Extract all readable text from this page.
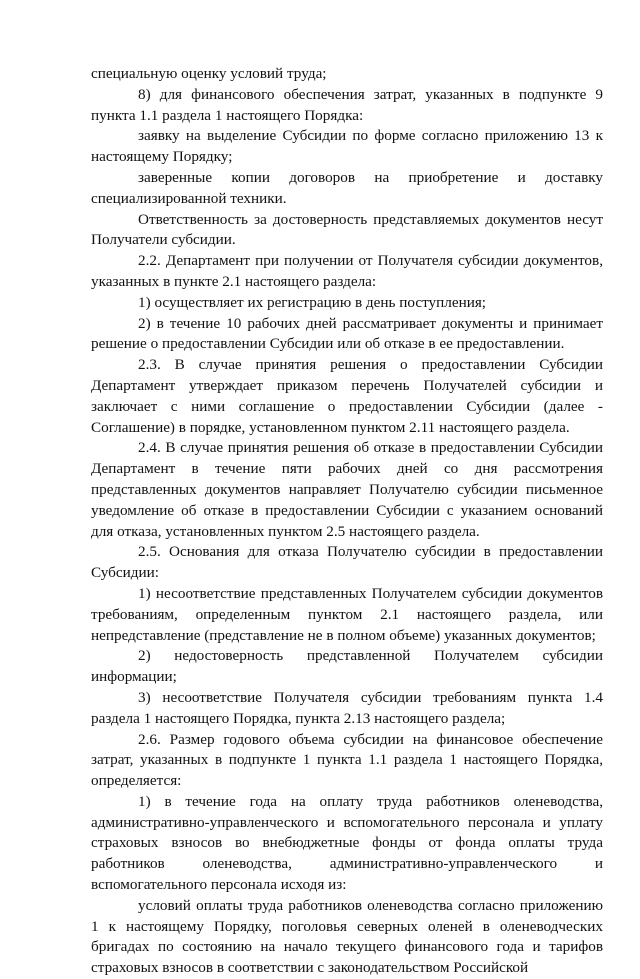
специальную оценку условий труда;

8) для финансового обеспечения затрат, указанных в подпункте 9 пункта 1.1 раздела 1 настоящего Порядка:

заявку на выделение Субсидии по форме согласно приложению 13 к настоящему Порядку;

заверенные копии договоров на приобретение и доставку специализированной техники.

Ответственность за достоверность представляемых документов несут Получатели субсидии.

2.2. Департамент при получении от Получателя субсидии документов, указанных в пункте 2.1 настоящего раздела:

1) осуществляет их регистрацию в день поступления;

2) в течение 10 рабочих дней рассматривает документы и принимает решение о предоставлении Субсидии или об отказе в ее предоставлении.

2.3. В случае принятия решения о предоставлении Субсидии Департамент утверждает приказом перечень Получателей субсидии и заключает с ними соглашение о предоставлении Субсидии (далее - Соглашение) в порядке, установленном пунктом 2.11 настоящего раздела.

2.4. В случае принятия решения об отказе в предоставлении Субсидии Департамент в течение пяти рабочих дней со дня рассмотрения представленных документов направляет Получателю субсидии письменное уведомление об отказе в предоставлении Субсидии с указанием оснований для отказа, установленных пунктом 2.5 настоящего раздела.

2.5. Основания для отказа Получателю субсидии в предоставлении Субсидии:

1) несоответствие представленных Получателем субсидии документов требованиям, определенным пунктом 2.1 настоящего раздела, или непредставление (представление не в полном объеме) указанных документов;

2) недостоверность представленной Получателем субсидии информации;

3) несоответствие Получателя субсидии требованиям пункта 1.4 раздела 1 настоящего Порядка, пункта 2.13 настоящего раздела;

2.6. Размер годового объема субсидии на финансовое обеспечение затрат, указанных в подпункте 1 пункта 1.1 раздела 1 настоящего Порядка, определяется:

1) в течение года на оплату труда работников оленеводства, административно-управленческого и вспомогательного персонала и уплату страховых взносов во внебюджетные фонды от фонда оплаты труда работников оленеводства, административно-управленческого и вспомогательного персонала исходя из:

условий оплаты труда работников оленеводства согласно приложению 1 к настоящему Порядку, поголовья северных оленей в оленеводческих бригадах по состоянию на начало текущего финансового года и тарифов страховых взносов в соответствии с законодательством Российской
